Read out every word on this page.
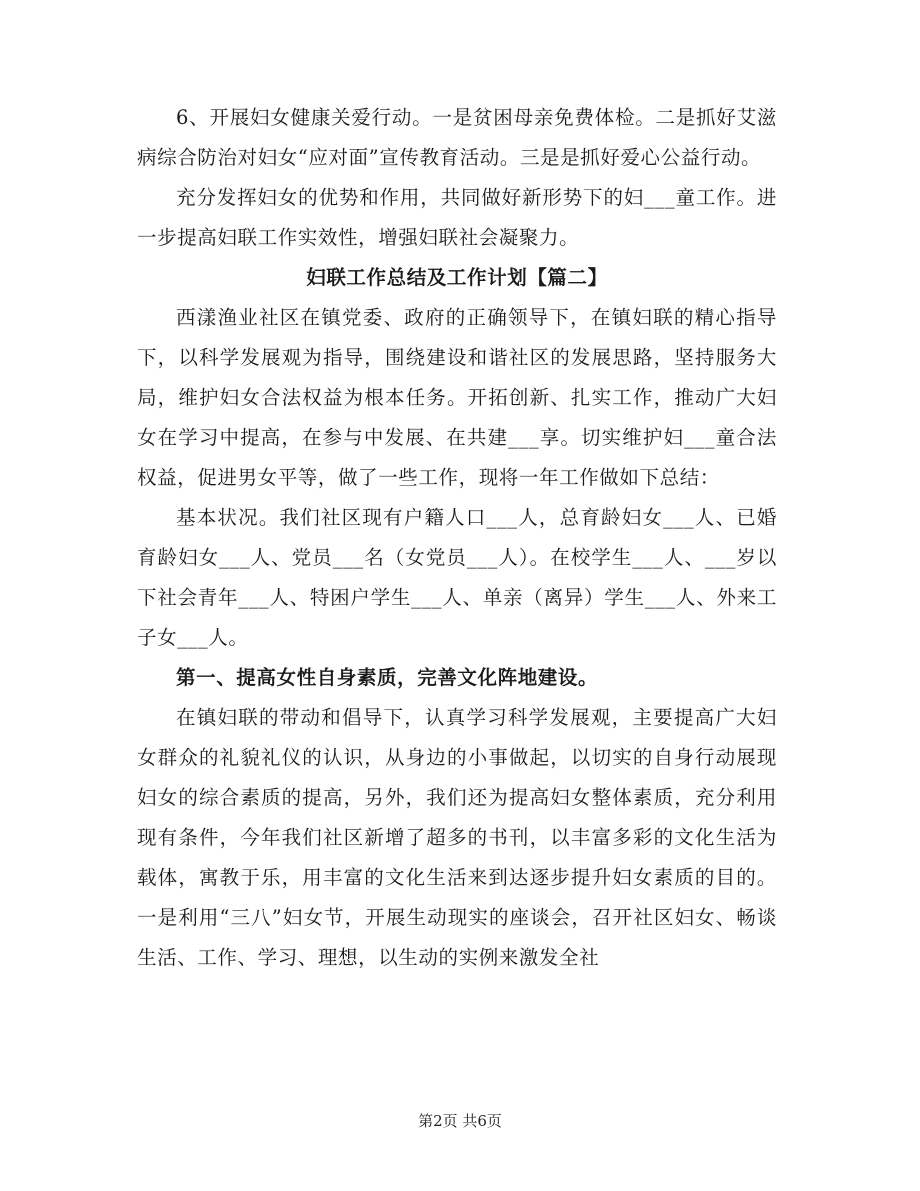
6、开展妇女健康关爱行动。一是贫困母亲免费体检。二是抓好艾滋病综合防治对妇女“应对面”宣传教育活动。三是是抓好爱心公益行动。

充分发挥妇女的优势和作用，共同做好新形势下的妇___童工作。进一步提高妇联工作实效性，增强妇联社会凝聚力。

妇联工作总结及工作计划【篇二】

西漾渔业社区在镇党委、政府的正确领导下，在镇妇联的精心指导下，以科学发展观为指导，围绕建设和谐社区的发展思路，坚持服务大局，维护妇女合法权益为根本任务。开拓创新、扎实工作，推动广大妇女在学习中提高，在参与中发展、在共建___享。切实维护妇___童合法权益，促进男女平等，做了一些工作，现将一年工作做如下总结：

基本状况。我们社区现有户籍人口___人，总育龄妇女___人、已婚育龄妇女___人、党员___名（女党员___人）。在校学生___人、___岁以下社会青年___人、特困户学生___人、单亲（离异）学生___人、外来工子女___人。

第一、提高女性自身素质，完善文化阵地建设。

在镇妇联的带动和倡导下，认真学习科学发展观，主要提高广大妇女群众的礼貌礼仪的认识，从身边的小事做起，以切实的自身行动展现妇女的综合素质的提高，另外，我们还为提高妇女整体素质，充分利用现有条件，今年我们社区新增了超多的书刊，以丰富多彩的文化生活为载体，寓教于乐，用丰富的文化生活来到达逐步提升妇女素质的目的。一是利用“三八”妇女节，开展生动现实的座谈会，召开社区妇女、畅谈生活、工作、学习、理想，以生动的实例来激发全社

第2页 共6页
